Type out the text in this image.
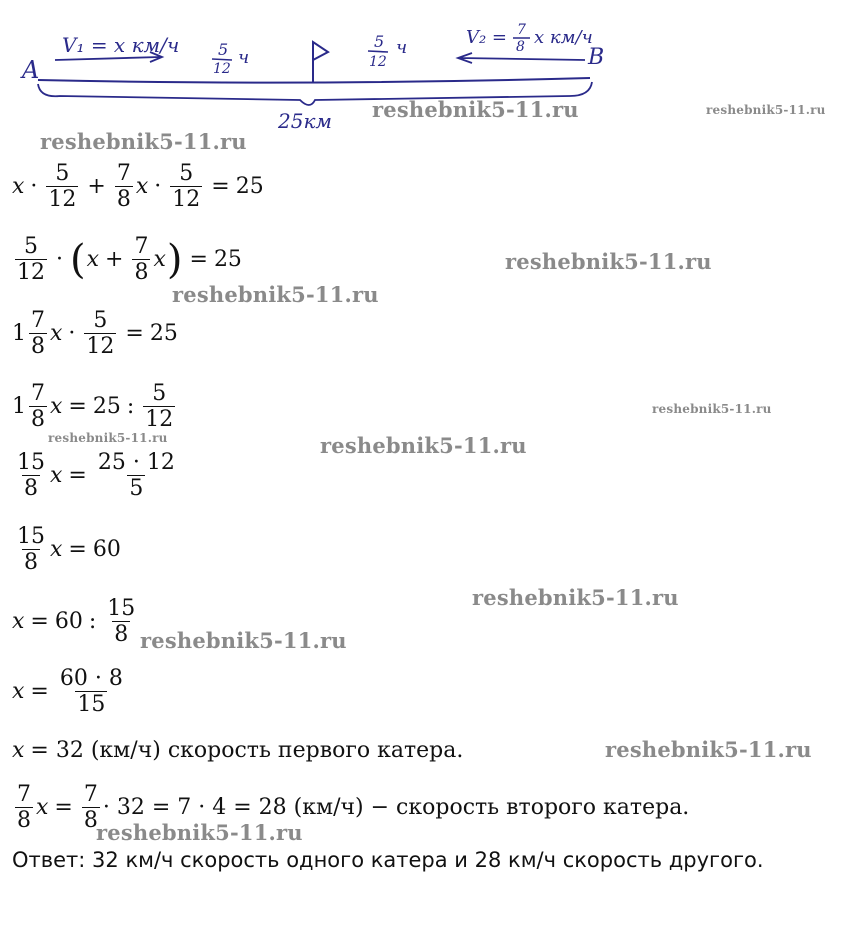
A	B
V₁ = x км/ч 5
12
ч
5
12
ч	V₂ = 7
8 x км/ч
25км reshebnik5-11.ru	reshebnik5-11.ru
reshebnik5-11.ru
reshebnik5-11.ru
reshebnik5-11.ru
reshebnik5-11.ru
reshebnik5-11.ru	reshebnik5-11.ru
reshebnik5-11.ru
reshebnik5-11.ru
reshebnik5-11.ru
reshebnik5-11.ru
$x \cdot \frac{5}{12} + \frac{7}{8}$ $x \cdot \frac{5}{12} = 25$
$\frac{5}{12}$ · ( $x + \frac{7}{8}$ x ) = 25
$1 \frac{7}{8}$ $x \cdot \frac{5}{12} = 25$
$1 \frac{7}{8}$ x = 25 : $\frac{5}{12}$
$\frac{15}{8}$ $x = \frac{25 \cdot 12}{5}$
$\frac{15}{8}$ x = 60
x = 60 : $\frac{15}{8}$
$x = \frac{60 \cdot 8}{15}$
x = 32 (км/ч) скорость первого катера.
$\frac{7}{8}$ $x = \frac{7}{8} \cdot 32 = 7 \cdot 4 = 28$ (км/ч) − скорость второго катера.
Ответ: 32 км/ч скорость одного катера и 28 км/ч скорость другого.
